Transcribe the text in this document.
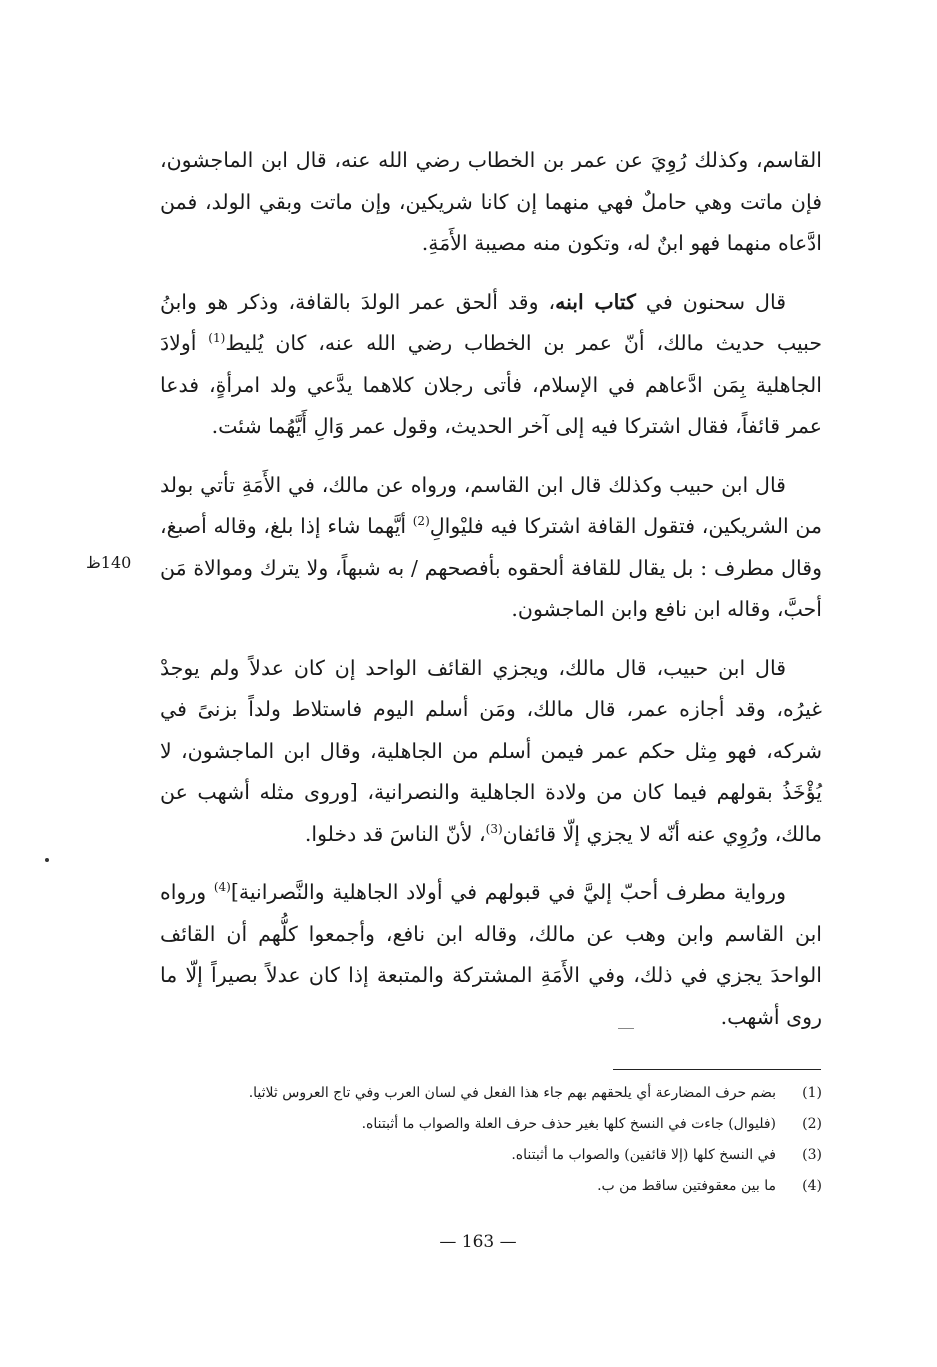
القاسم، وكذلك رُوِيَ عن عمر بن الخطاب رضي الله عنه، قال ابن الماجشون، فإن ماتت وهي حاملٌ فهي منهما إن كانا شريكين، وإن ماتت وبقي الولد، فمن ادَّعاه منهما فهو ابنٌ له، وتكون منه مصيبة الأَمَةِ.

قال سحنون في كتاب ابنه، وقد ألحق عمر الولدَ بالقافة، وذكر هو وابنُ حبيب حديث مالك، أنّ عمر بن الخطاب رضي الله عنه، كان يُليط$^{(1)}$ أولادَ الجاهلية بِمَن ادَّعاهم في الإسلام، فأتى رجلان كلاهما يدَّعي ولد امرأةٍ، فدعا عمر قائفاً، فقال اشتركا فيه إلى آخر الحديث، وقول عمر وَالِ أَيَّهُما شئت.

قال ابن حبيب وكذلك قال ابن القاسم، ورواه عن مالك، في الأَمَةِ تأتي بولد من الشريكين، فتقول القافة اشتركا فيه فليْوالِ$^{(2)}$ أيَّهما شاء إذا بلغ، وقاله أصبغ، وقال مطرف : بل يقال للقافة ألحقوه بأفصحهم / به شبهاً، ولا يترك وموالاة مَن أحبَّ، وقاله ابن نافع وابن الماجشون.

قال ابن حبيب، قال مالك، ويجزي القائف الواحد إن كان عدلاً ولم يوجدْ غيرُه، وقد أجازه عمر، قال مالك، ومَن أسلم اليوم فاستلاط ولداً بزنىً في شركه، فهو مِثل حكم عمر فيمن أسلم من الجاهلية، وقال ابن الماجشون، لا يُؤْخَذُ بقولهم فيما كان من ولادة الجاهلية والنصرانية، [وروى مثله أشهب عن مالك، ورُوِي عنه أنّه لا يجزي إلّا قائفان$^{(3)}$، لأنّ الناسَ قد دخلوا.

ورواية مطرف أحبّ إليَّ في قبولهم في أولاد الجاهلية والنَّصرانية]$^{(4)}$ ورواه ابن القاسم وابن وهب عن مالك، وقاله ابن نافع، وأجمعوا كلُّهم أن القائف الواحدَ يجزي في ذلك، وفي الأَمَةِ المشتركة والمتبعة إذا كان عدلاً بصيراً إلّا ما روى أشهب.

140ظ
(1)
بضم حرف المضارعة أي يلحقهم بهم جاء هذا الفعل في لسان العرب وفي تاج العروس ثلاثيا.
(2)
(فليوال) جاءت في النسخ كلها بغير حذف حرف العلة والصواب ما أثبتناه.
(3)
في النسخ كلها (إلا قائفين) والصواب ما أثبتناه.
(4)
ما بين معقوفتين ساقط من ب.
— 163 —
